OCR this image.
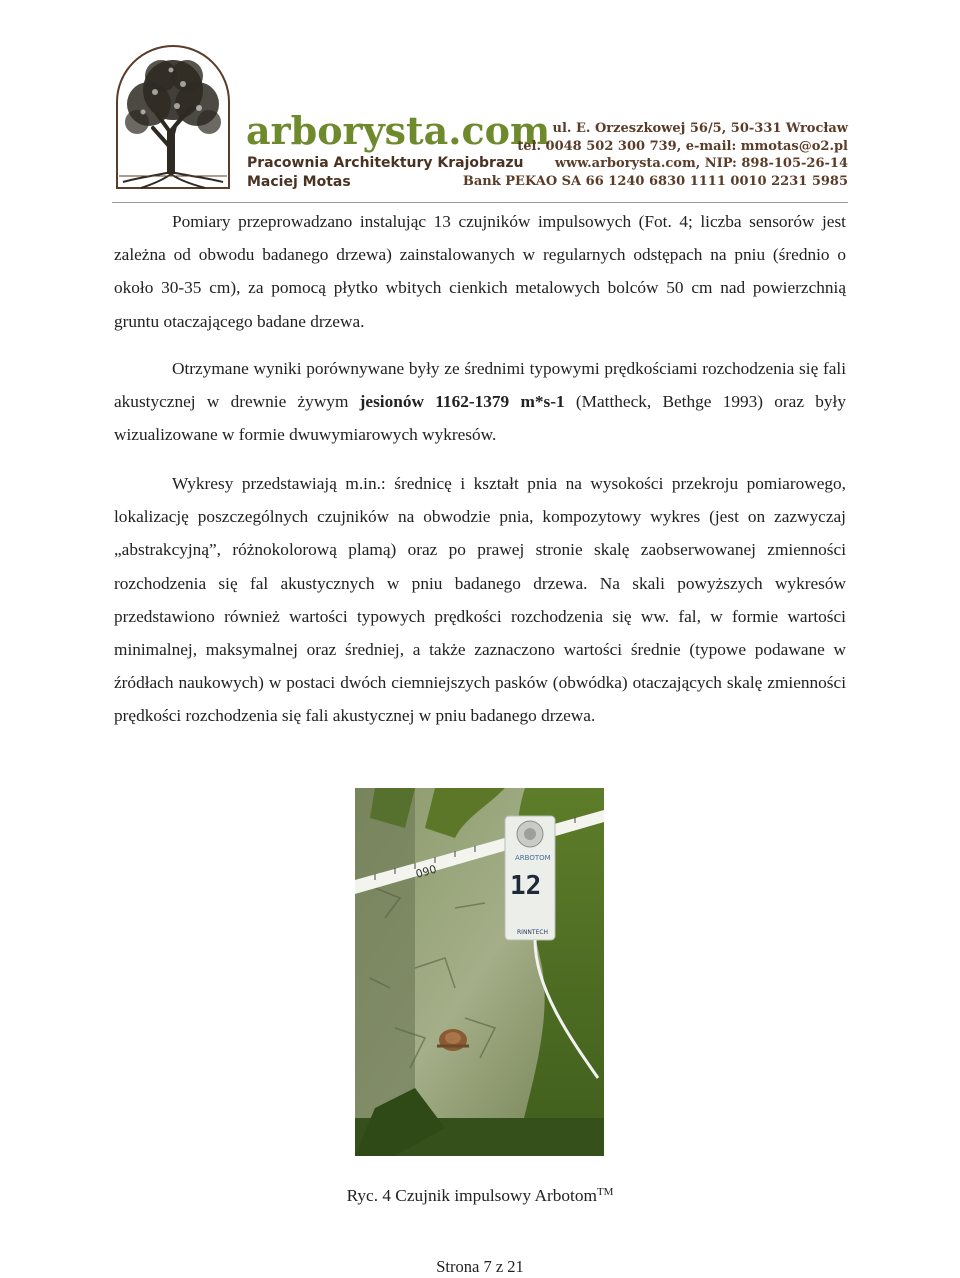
arborysta.com
Pracownia Architektury Krajobrazu
Maciej Motas
ul. E. Orzeszkowej 56/5, 50-331 Wrocław
tel. 0048 502 300 739, e-mail: mmotas@o2.pl
www.arborysta.com, NIP: 898-105-26-14
Bank PEKAO SA 66 1240 6830 1111 0010 2231 5985

Pomiary przeprowadzano instalując 13 czujników impulsowych (Fot. 4; liczba sensorów jest zależna od obwodu badanego drzewa) zainstalowanych w regularnych odstępach na pniu (średnio o około 30-35 cm), za pomocą płytko wbitych cienkich metalowych bolców 50 cm nad powierzchnią gruntu otaczającego badane drzewa.

Otrzymane wyniki porównywane były ze średnimi typowymi prędkościami rozchodzenia się fali akustycznej w drewnie żywym jesionów 1162-1379 m*s-1 (Mattheck, Bethge 1993) oraz były wizualizowane w formie dwuwymiarowych wykresów.

Wykresy przedstawiają m.in.: średnicę i kształt pnia na wysokości przekroju pomiarowego, lokalizację poszczególnych czujników na obwodzie pnia, kompozytowy wykres (jest on zazwyczaj „abstrakcyjną”, różnokolorową plamą) oraz po prawej stronie skalę zaobserwowanej zmienności rozchodzenia się fal akustycznych w pniu badanego drzewa. Na skali powyższych wykresów przedstawiono również wartości typowych prędkości rozchodzenia się ww. fal, w formie wartości minimalnej, maksymalnej oraz średniej, a także zaznaczono wartości średnie (typowe podawane w źródłach naukowych) w postaci dwóch ciemniejszych pasków (obwódka) otaczających skalę zmienności prędkości rozchodzenia się fali akustycznej w pniu badanego drzewa.

090
ARBOTOM
12
RINNTECH
Ryc. 4 Czujnik impulsowy Arbotom™
Strona 7 z 21
